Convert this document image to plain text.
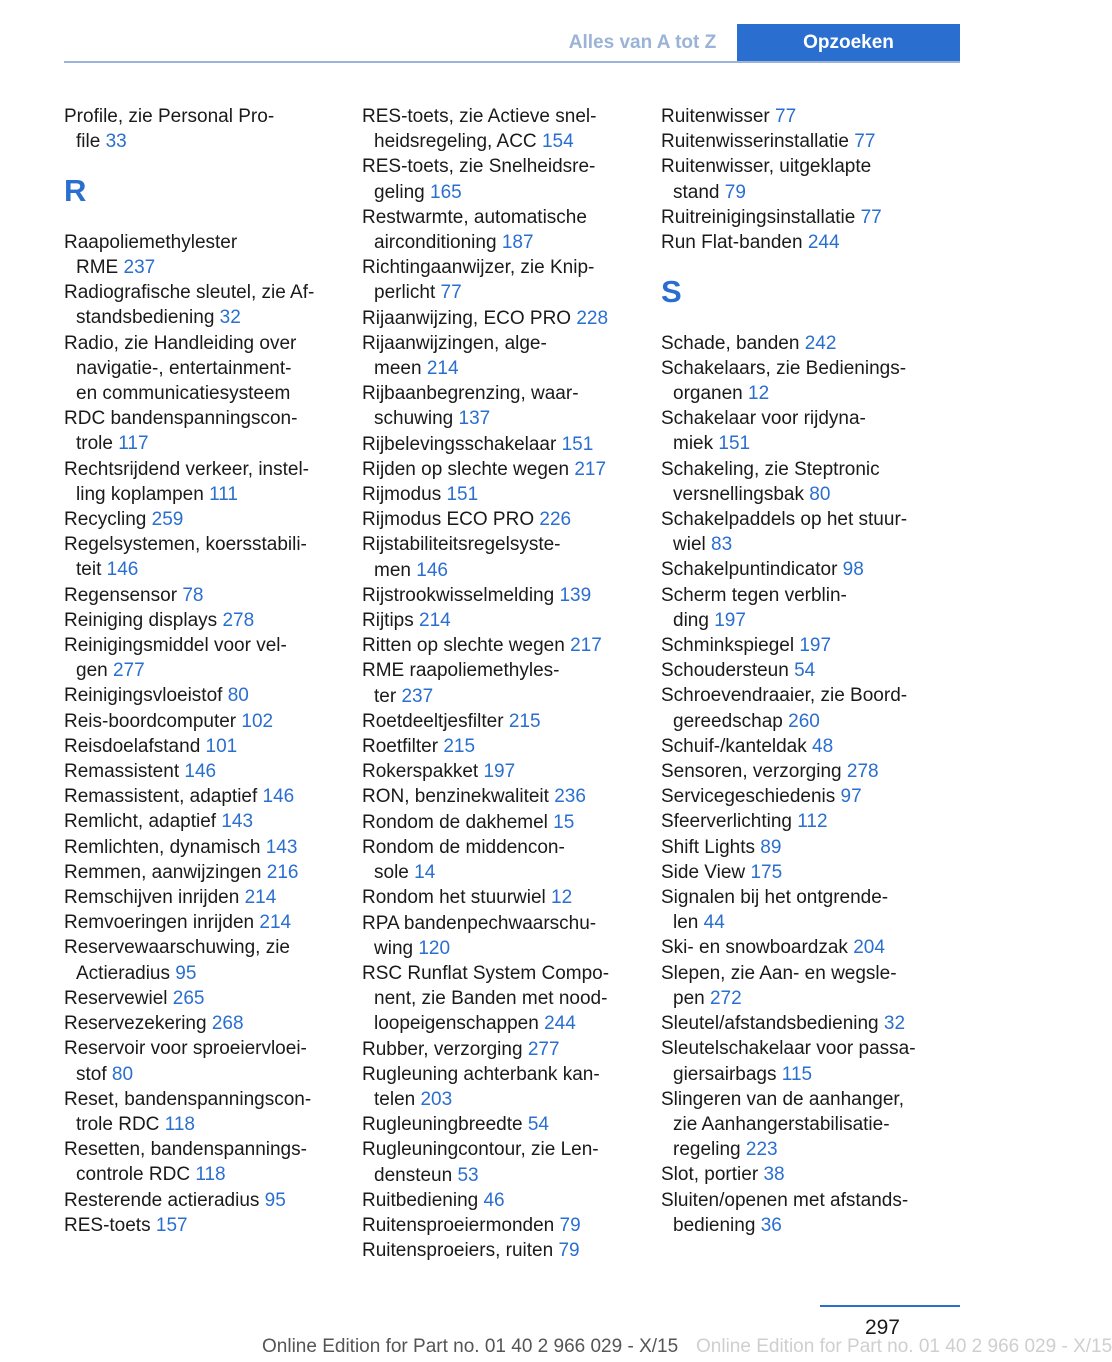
Alles van A tot Z	Opzoeken
Profile, zie Personal Pro-
file 33
R
Raapoliemethylester
RME 237
Radiografische sleutel, zie Af-
standsbediening 32
Radio, zie Handleiding over
navigatie-, entertainment-
en communicatiesysteem
RDC bandenspanningscon-
trole 117
Rechtsrijdend verkeer, instel-
ling koplampen 111
Recycling 259
Regelsystemen, koersstabili-
teit 146
Regensensor 78
Reiniging displays 278
Reinigingsmiddel voor vel-
gen 277
Reinigingsvloeistof 80
Reis-boordcomputer 102
Reisdoelafstand 101
Remassistent 146
Remassistent, adaptief 146
Remlicht, adaptief 143
Remlichten, dynamisch 143
Remmen, aanwijzingen 216
Remschijven inrijden 214
Remvoeringen inrijden 214
Reservewaarschuwing, zie
Actieradius 95
Reservewiel 265
Reservezekering 268
Reservoir voor sproeiervloei-
stof 80
Reset, bandenspanningscon-
trole RDC 118
Resetten, bandenspannings-
controle RDC 118
Resterende actieradius 95
RES-toets 157
RES-toets, zie Actieve snel-
heidsregeling, ACC 154
RES-toets, zie Snelheidsre-
geling 165
Restwarmte, automatische
airconditioning 187
Richtingaanwijzer, zie Knip-
perlicht 77
Rijaanwijzing, ECO PRO 228
Rijaanwijzingen, alge-
meen 214
Rijbaanbegrenzing, waar-
schuwing 137
Rijbelevingsschakelaar 151
Rijden op slechte wegen 217
Rijmodus 151
Rijmodus ECO PRO 226
Rijstabiliteitsregelsyste-
men 146
Rijstrookwisselmelding 139
Rijtips 214
Ritten op slechte wegen 217
RME raapoliemethyles-
ter 237
Roetdeeltjesfilter 215
Roetfilter 215
Rokerspakket 197
RON, benzinekwaliteit 236
Rondom de dakhemel 15
Rondom de middencon-
sole 14
Rondom het stuurwiel 12
RPA bandenpechwaarschu-
wing 120
RSC Runflat System Compo-
nent, zie Banden met nood-
loopeigenschappen 244
Rubber, verzorging 277
Rugleuning achterbank kan-
telen 203
Rugleuningbreedte 54
Rugleuningcontour, zie Len-
densteun 53
Ruitbediening 46
Ruitensproeiermonden 79
Ruitensproeiers, ruiten 79
Ruitenwisser 77
Ruitenwisserinstallatie 77
Ruitenwisser, uitgeklapte
stand 79
Ruitreinigingsinstallatie 77
Run Flat-banden 244
S
Schade, banden 242
Schakelaars, zie Bedienings-
organen 12
Schakelaar voor rijdyna-
miek 151
Schakeling, zie Steptronic
versnellingsbak 80
Schakelpaddels op het stuur-
wiel 83
Schakelpuntindicator 98
Scherm tegen verblin-
ding 197
Schminkspiegel 197
Schoudersteun 54
Schroevendraaier, zie Boord-
gereedschap 260
Schuif-/kanteldak 48
Sensoren, verzorging 278
Servicegeschiedenis 97
Sfeerverlichting 112
Shift Lights 89
Side View 175
Signalen bij het ontgrende-
len 44
Ski- en snowboardzak 204
Slepen, zie Aan- en wegsle-
pen 272
Sleutel/afstandsbediening 32
Sleutelschakelaar voor passa-
giersairbags 115
Slingeren van de aanhanger,
zie Aanhangerstabilisatie-
regeling 223
Slot, portier 38
Sluiten/openen met afstands-
bediening 36
297
Online Edition for Part no. 01 40 2 966 029 - X/15 Online Edition for Part no. 01 40 2 966 029 - X/15
